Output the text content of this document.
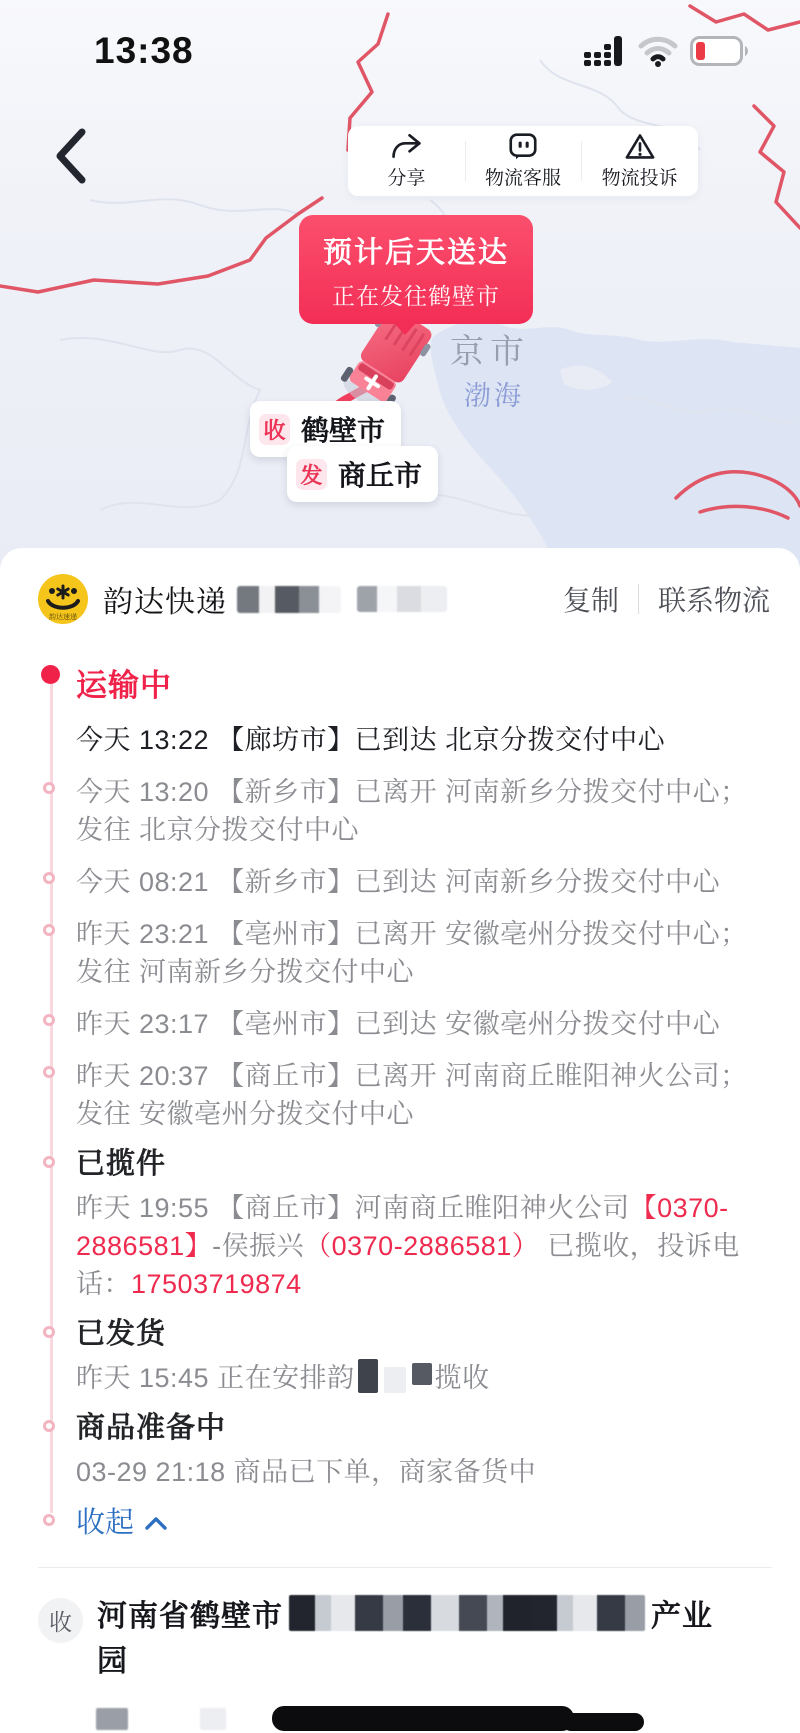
13:38
分享	物流客服 物流投诉
预计后天送达
正在发往鹤壁市
京市
渤海
收 鹤壁市
发 商丘市
韵达速递 韵达快递	复制 联系物流
运输中
今天 13:22 【廊坊市】已到达 北京分拨交付中心
今天 13:20 【新乡市】已离开 河南新乡分拨交付中心；发往 北京分拨交付中心
今天 08:21 【新乡市】已到达 河南新乡分拨交付中心
昨天 23:21 【亳州市】已离开 安徽亳州分拨交付中心；发往 河南新乡分拨交付中心
昨天 23:17 【亳州市】已到达 安徽亳州分拨交付中心
昨天 20:37 【商丘市】已离开 河南商丘睢阳神火公司；发往 安徽亳州分拨交付中心
已揽件
昨天 19:55 【商丘市】河南商丘睢阳神火公司【0370-2886581】-侯振兴（0370-2886581） 已揽收，投诉电话：17503719874
已发货
昨天 15:45 正在安排韵	揽收
商品准备中
03-29 21:18 商品已下单，商家备货中
收起
收 河南省鹤壁市	产业
园
